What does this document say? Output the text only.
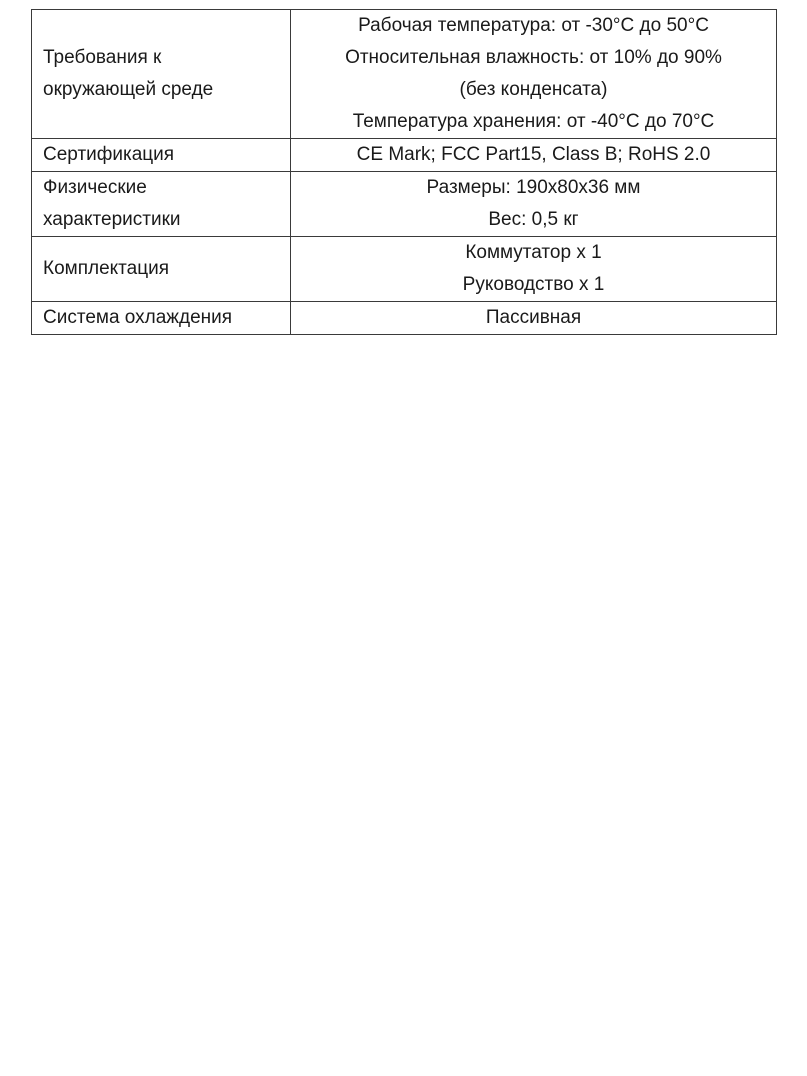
Требования к
окружающей среде	Рабочая температура: от -30°C до 50°C
Относительная влажность: от 10% до 90%
(без конденсата)
Температура хранения: от -40°C до 70°C

Сертификация	CE Mark; FCC Part15, Class B; RoHS 2.0

Физические
характеристики	Размеры: 190x80x36 мм
Вес: 0,5 кг

Комплектация	Коммутатор x 1
Руководство x 1

Система охлаждения	Пассивная
